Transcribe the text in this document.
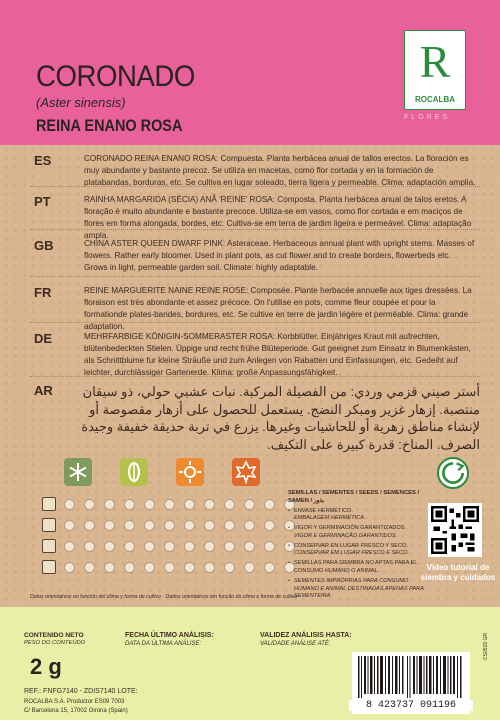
CORONADO
(Aster sinensis)
REINA ENANO ROSA
R
ROCALBA
FLORES
ES	CORONADO REINA ENANO ROSA: Compuesta. Planta herbácea anual de tallos erectos. La floración es muy abundante y bastante precoz. Se utiliza en macetas, como flor cortada y en la formación de platabandas, borduras, etc. Se cultiva en lugar soleado, tierra ligera y permeable. Clima: adaptación amplia.
PT	RAINHA MARGARIDA (SÉCIA) ANÃ 'REINE' ROSA: Composta. Planta herbácea anual de talos eretos. A floração é muito abundante e bastante precoce. Utiliza-se em vasos, como flor cortada e em maciços de flores em forma alongada, bordes, etc. Cultiva-se em terra de jardim ligeira e permeável. Clima: adaptação ampla.
GB	CHINA ASTER QUEEN DWARF PINK: Asteraceae. Herbaceous annual plant with upright stems. Masses of flowers. Rather early bloomer. Used in plant pots, as cut flower and to create borders, flowerbeds etc. Grows in light, permeable garden soil. Climate: highly adaptable.
FR	REINE MARGUERITE NAINE REINE ROSE: Composée. Plante herbacée annuelle aux tiges dressées. La floraison est très abondante et assez précoce. On l'utilise en pots, comme fleur coupée et pour la formationde plates-bandes, bordures, etc. Se cultive en terre de jardin légère et perméable. Clima: grande adaptation.
DE	MEHRFARBIGE KÖNIGIN-SOMMERASTER ROSA: Korbblütler. Einjähriges Kraut mit aufrechten, blütenbedeckten Stielen. Üppige und recht frühe Blüteperiode. Gut geeignet zum Einsatz in Blumenkästen, als Schnittblume fur kleine Sträuße und zum Anlegen von Rabatten und Einfassungen, etc. Gedeiht auf leichter, durchlässiger Gartenerde. Klima: große Anpassungsfähigkeit.
AR أستر صيني قزمي وردي: من الفصيلة المركبة. نبات عشبي حولي، ذو سيقان منتصبة. إزهار غزير ومبكر النضج. يستعمل للحصول على أزهار مقصوصة أو لإنشاء مناطق زهرية أو للحاشيات وغيرها. يزرع في تربة حديقة خفيفة وجيدة الصرف. المناخ: قدرة كبيرة على التكيف.
SEMILLAS / SEMENTES / SEEDS / SEMENCES / SAMEN / بذور
• ENVASE HERMÉTICO.
EMBALAGEM HERMÉTICA.
• VIGOR Y GERMINACIÓN GARANTIZADOS.
VIGOR E GERMINAÇÃO GARANTIDOS.
• CONSERVAR EN LUGAR FRESCO Y SECO.
CONSERVAR EM LUGAR FRESCO E SECO.
• SEMILLAS PARA SIEMBRA NO APTAS PARA EL CONSUMO HUMANO O ANIMAL.
• SEMENTES IMPRÓPRIAS PARA CONSUMO HUMANO E ANIMAL DESTINADAS APENAS PARA SEMENTEIRA.
Vídeo tutorial de siembra y cuidados
Datos orientativos en función del clima y forma de cultivo · Dados orientativos em função do clima e forma de cultivo
CONTENIDO NETO
PESO DO CONTEÚDO
2 g
REF.: FNFG7140 - ZDIS7140 LOTE:
ROCALBA S.A. Productor ES09 7003
C/ Barcelona 15, 17002 Girona (Spain)
FECHA ÚLTIMO ANÁLISIS:
DATA DA ÚLTIMA ANÁLISE:
VALIDEZ ANÁLISIS HASTA:
VALIDADE ANÁLISE ATÉ:
8 423737 091196
CS0519 GR
